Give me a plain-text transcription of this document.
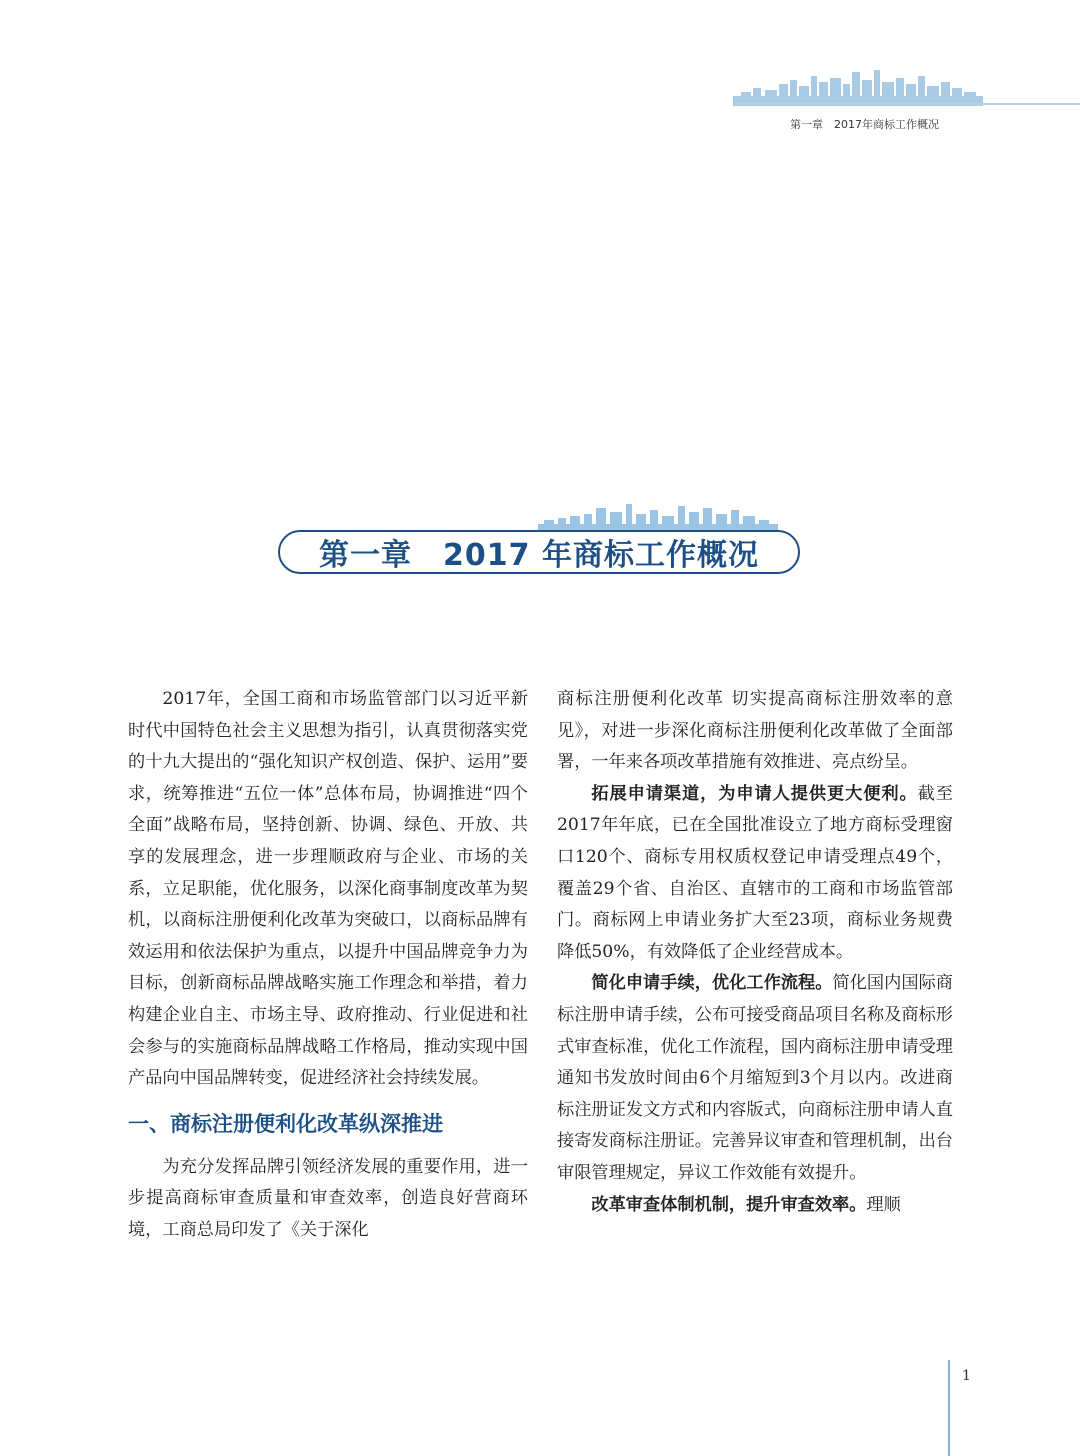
第一章　2017年商标工作概况
第一章　2017 年商标工作概况

2017年，全国工商和市场监管部门以习近平新时代中国特色社会主义思想为指引，认真贯彻落实党的十九大提出的“强化知识产权创造、保护、运用”要求，统筹推进“五位一体”总体布局，协调推进“四个全面”战略布局，坚持创新、协调、绿色、开放、共享的发展理念，进一步理顺政府与企业、市场的关系，立足职能，优化服务，以深化商事制度改革为契机，以商标注册便利化改革为突破口，以商标品牌有效运用和依法保护为重点，以提升中国品牌竞争力为目标，创新商标品牌战略实施工作理念和举措，着力构建企业自主、市场主导、政府推动、行业促进和社会参与的实施商标品牌战略工作格局，推动实现中国产品向中国品牌转变，促进经济社会持续发展。

一、商标注册便利化改革纵深推进

为充分发挥品牌引领经济发展的重要作用，进一步提高商标审查质量和审查效率，创造良好营商环境，工商总局印发了《关于深化

商标注册便利化改革 切实提高商标注册效率的意见》，对进一步深化商标注册便利化改革做了全面部署，一年来各项改革措施有效推进、亮点纷呈。

拓展申请渠道，为申请人提供更大便利。截至2017年年底，已在全国批准设立了地方商标受理窗口120个、商标专用权质权登记申请受理点49个，覆盖29个省、自治区、直辖市的工商和市场监管部门。商标网上申请业务扩大至23项，商标业务规费降低50%，有效降低了企业经营成本。

简化申请手续，优化工作流程。简化国内国际商标注册申请手续，公布可接受商品项目名称及商标形式审查标准，优化工作流程，国内商标注册申请受理通知书发放时间由6个月缩短到3个月以内。改进商标注册证发文方式和内容版式，向商标注册申请人直接寄发商标注册证。完善异议审查和管理机制，出台审限管理规定，异议工作效能有效提升。

改革审查体制机制，提升审查效率。理顺

1
